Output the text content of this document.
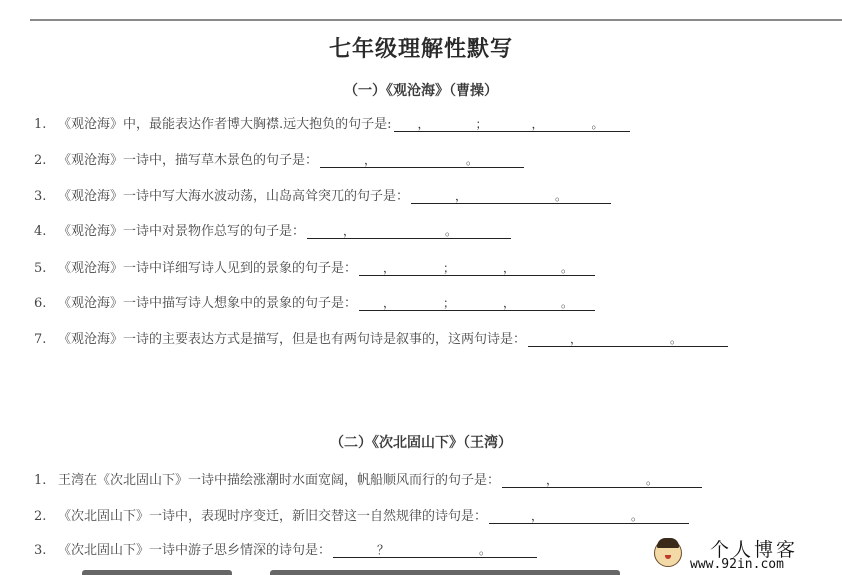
七年级理解性默写
（一）《观沧海》（曹操）
1. 《观沧海》中，最能表达作者博大胸襟.远大抱负的句子是:	，	；	，	。
2. 《观沧海》一诗中，描写草木景色的句子是：	，	。
3. 《观沧海》一诗中写大海水波动荡，山岛高耸突兀的句子是：	，	。
4. 《观沧海》一诗中对景物作总写的句子是：	，	。
5. 《观沧海》一诗中详细写诗人见到的景象的句子是：	，	；	，	。
6. 《观沧海》一诗中描写诗人想象中的景象的句子是：	，	；	，	。
7. 《观沧海》一诗的主要表达方式是描写，但是也有两句诗是叙事的，这两句诗是：	，	。
（二）《次北固山下》（王湾）
1. 王湾在《次北固山下》一诗中描绘涨潮时水面宽阔，帆船顺风而行的句子是：	，	。
2. 《次北固山下》一诗中，表现时序变迁，新旧交替这一自然规律的诗句是：	，	。
3. 《次北固山下》一诗中游子思乡情深的诗句是：	？	。	个人博客
www.92in.com
